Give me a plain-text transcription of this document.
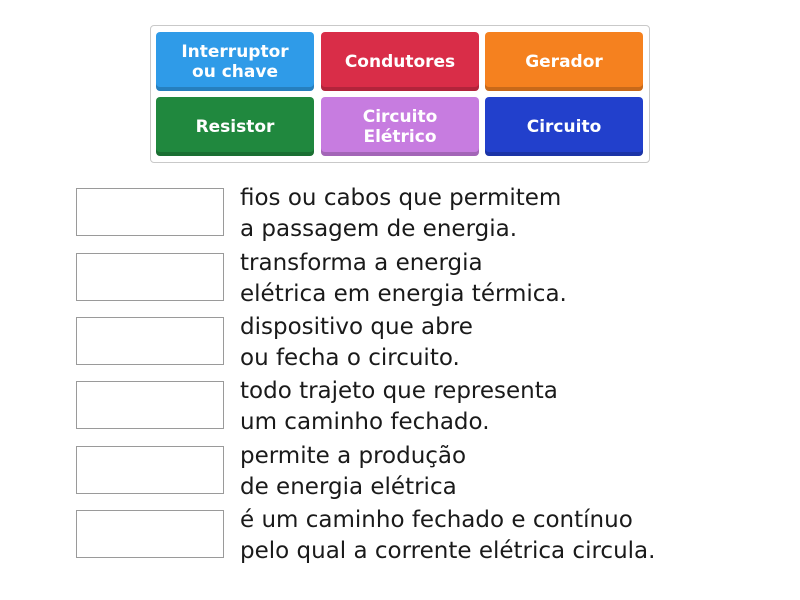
Interruptor
ou chave	Condutores	Gerador
Resistor	Circuito
Elétrico	Circuito
fios ou cabos que permitem
a passagem de energia.
transforma a energia
elétrica em energia térmica.
dispositivo que abre
ou fecha o circuito.
todo trajeto que representa
um caminho fechado.
permite a produção
de energia elétrica
é um caminho fechado e contínuo
pelo qual a corrente elétrica circula.
